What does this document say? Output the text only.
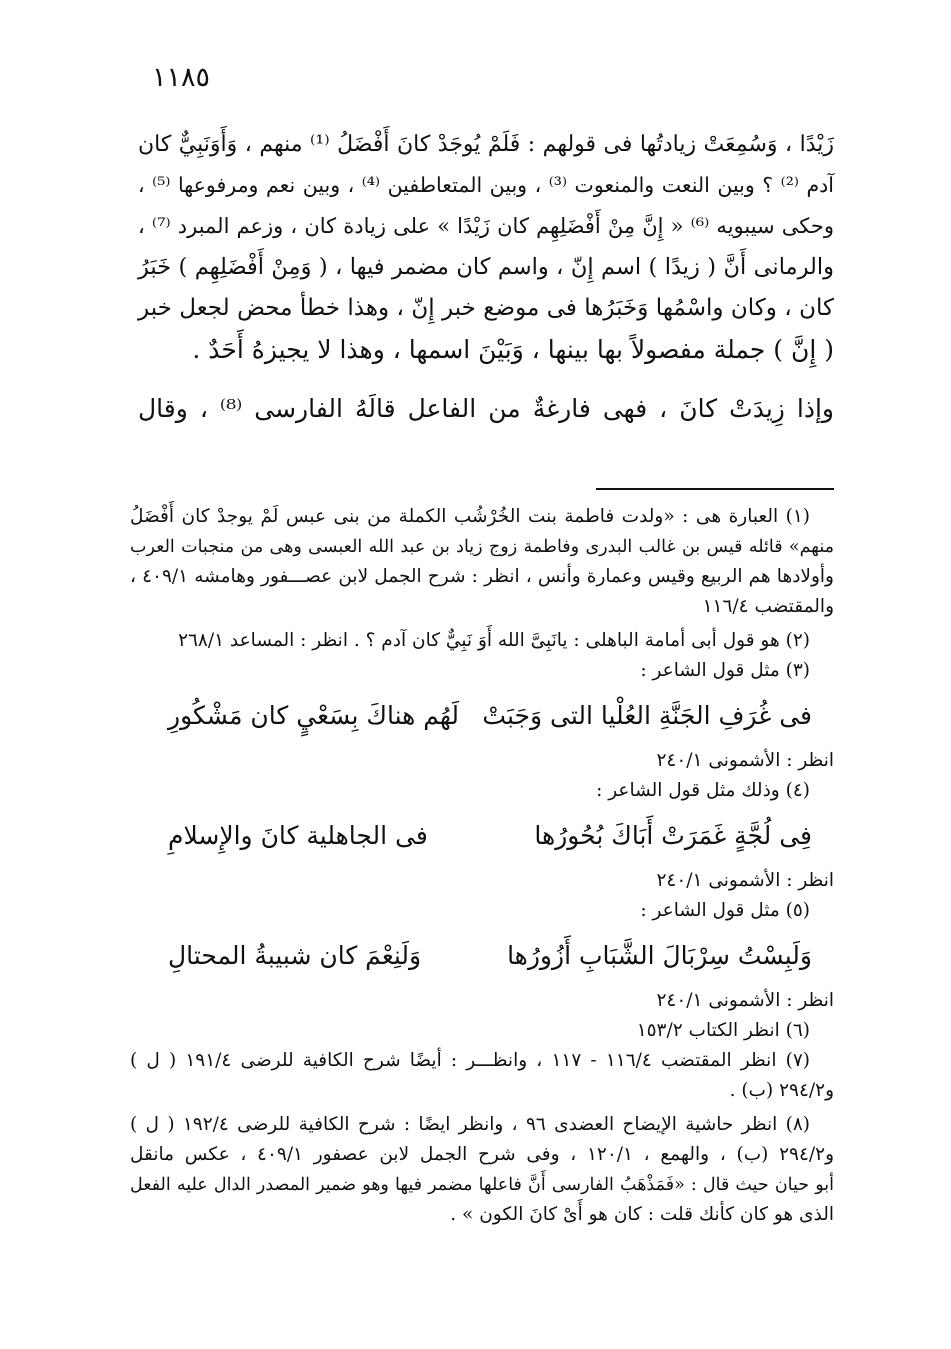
١١٨٥
زَيْدًا ، وَسُمِعَتْ زيادتُها فى قولهم : فَلَمْ يُوجَدْ كانَ أَفْضَلُ ⁽¹⁾ منهم ، وَأَوَنَبِيٌّ كان
آدم ⁽²⁾ ؟ وبين النعت والمنعوت ⁽³⁾ ، وبين المتعاطفين ⁽⁴⁾ ، وبين نعم ومرفوعها ⁽⁵⁾ ،
وحكى سيبويه ⁽⁶⁾ « إِنَّ مِنْ أَفْضَلِهِم كان زَيْدًا » على زيادة كان ، وزعم المبرد ⁽⁷⁾ ،
والرمانى أَنَّ ( زيدًا ) اسم إِنّ ، واسم كان مضمر فيها ، ( وَمِنْ أَفْضَلِهِم ) خَبَرُ
كان ، وكان واسْمُها وَخَبَرُها فى موضع خبر إِنّ ، وهذا خطأ محض لجعل خبر
( إِنَّ ) جملة مفصولاً بها بينها ، وَبَيْنَ اسمها ، وهذا لا يجيزهُ أَحَدٌ .
وإذا زِيدَتْ كانَ ، فهى فارغةٌ من الفاعل قالَهُ الفارسى ⁽⁸⁾ ، وقال
(١) العبارة هى : «ولدت فاطمة بنت الخُرْشُب الكملة من بنى عبس لَمْ يوجدْ كان أَفْضَلُ
منهم» قائله قيس بن غالب البدرى وفاطمة زوج زياد بن عبد الله العبسى وهى من منجبات العرب
وأولادها هم الربيع وقيس وعمارة وأنس ، انظر : شرح الجمل لابن عصـــفور وهامشه ٤٠٩/١ ،
والمقتضب ١١٦/٤
(٢) هو قول أبى أمامة الباهلى : يانَبِىَّ الله أَوَ نَبِيٌّ كان آدم ؟ . انظر : المساعد ٢٦٨/١
(٣) مثل قول الشاعر :
فى غُرَفِ الجَنَّةِ العُلْيا التى وَجَبَتْ
لَهُم هناكَ بِسَعْيٍ كان مَشْكُورِ
انظر : الأشمونى ٢٤٠/١
(٤) وذلك مثل قول الشاعر :
فِى لُجَّةٍ غَمَرَتْ أَبَاكَ بُحُورُها
فى الجاهلية كانَ والإِسلامِ
انظر : الأشمونى ٢٤٠/١
(٥) مثل قول الشاعر :
وَلَبِسْتُ سِرْبَالَ الشَّبَابِ أَزُورُها
وَلَنِعْمَ كان شبيبةُ المحتالِ
انظر : الأشمونى ٢٤٠/١
(٦) انظر الكتاب ١٥٣/٢
(٧) انظر المقتضب ١١٦/٤ - ١١٧ ، وانظـــر : أيضًا شرح الكافية للرضى ١٩١/٤ ( ل )
و٢٩٤/٢ (ب) .
(٨) انظر حاشية الإيضاح العضدى ٩٦ ، وانظر ايضًا : شرح الكافية للرضى ١٩٢/٤ ( ل )
و٢٩٤/٢ (ب) ، والهمع ، ١٢٠/١ ، وفى شرح الجمل لابن عصفور ٤٠٩/١ ، عكس مانقل
أبو حيان حيث قال : «فَمَذْهَبُ الفارسى أَنَّ فاعلها مضمر فيها وهو ضمير المصدر الدال عليه الفعل
الذى هو كان كأنك قلت : كان هو أَىْ كانَ الكون » .
